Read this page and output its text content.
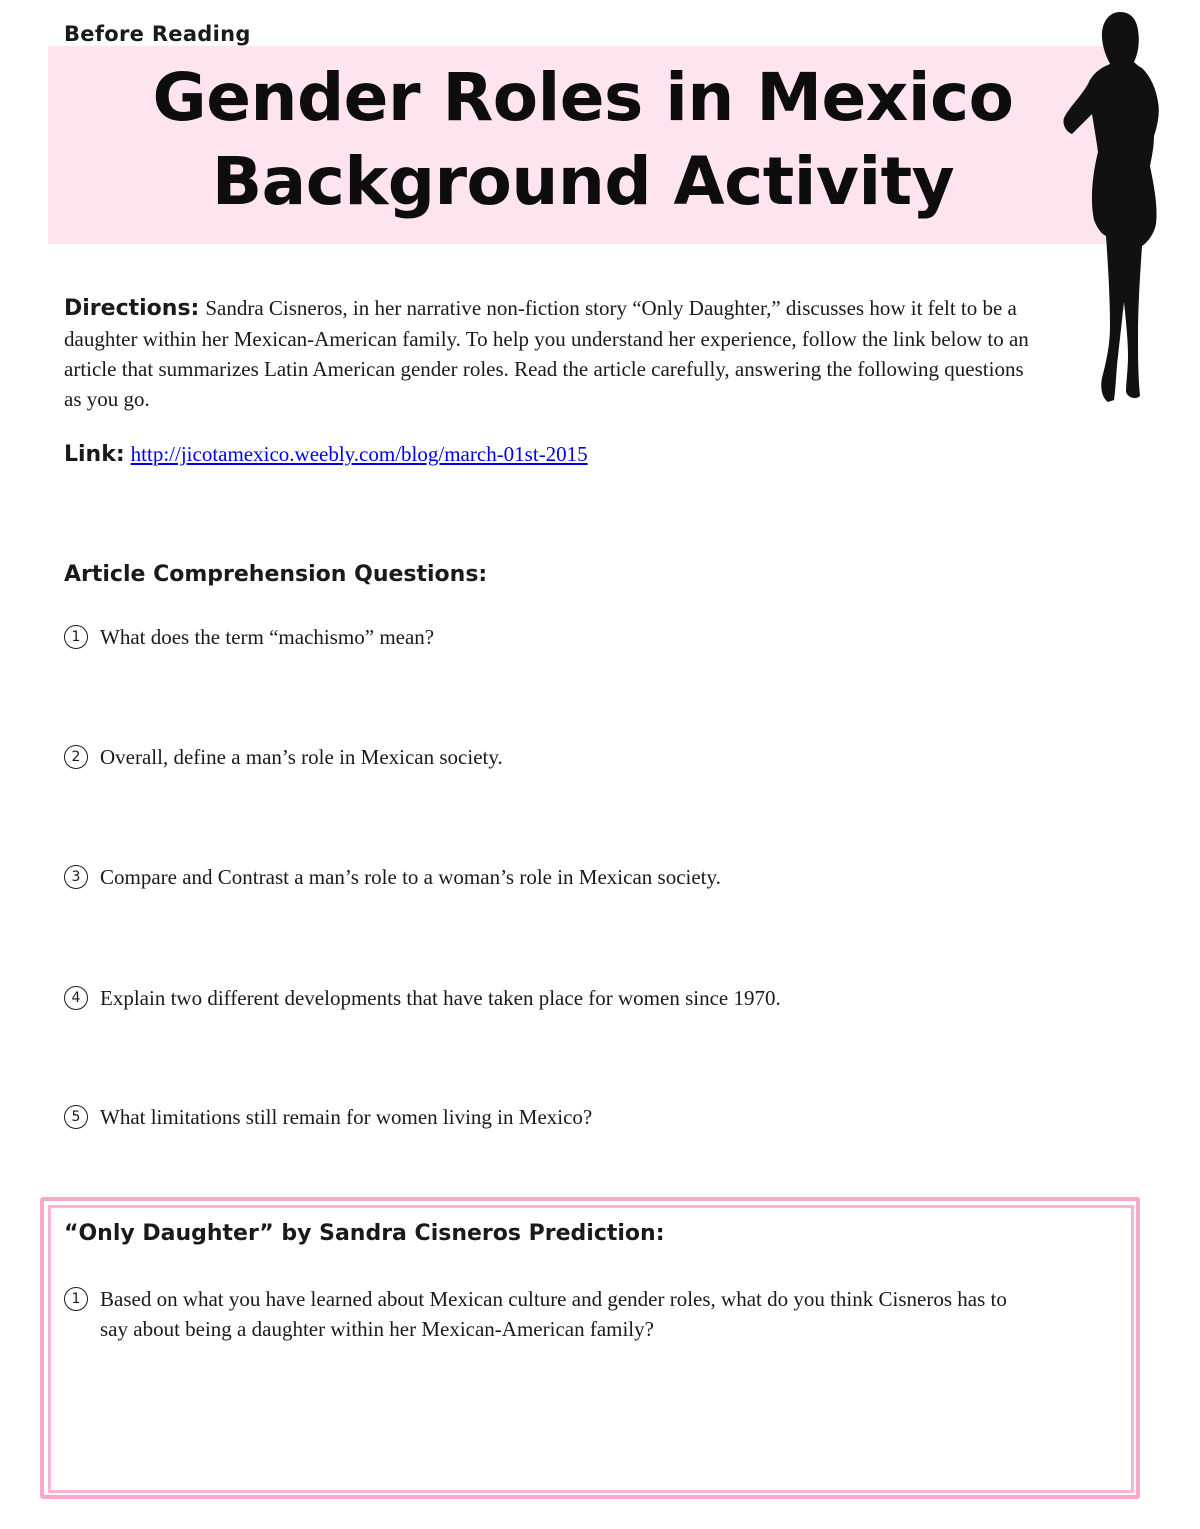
Before Reading
Gender Roles in Mexico
Background Activity
Directions: Sandra Cisneros, in her narrative non-fiction story “Only Daughter,” discusses how it felt to be a daughter within her Mexican-American family. To help you understand her experience, follow the link below to an article that summarizes Latin American gender roles. Read the article carefully, answering the following questions as you go.
Link: http://jicotamexico.weebly.com/blog/march-01st-2015
Article Comprehension Questions:
1 What does the term “machismo” mean?
2 Overall, define a man’s role in Mexican society.
3 Compare and Contrast a man’s role to a woman’s role in Mexican society.
4 Explain two different developments that have taken place for women since 1970.
5 What limitations still remain for women living in Mexico?
“Only Daughter” by Sandra Cisneros Prediction:
1 Based on what you have learned about Mexican culture and gender roles, what do you think Cisneros has to say about being a daughter within her Mexican-American family?
